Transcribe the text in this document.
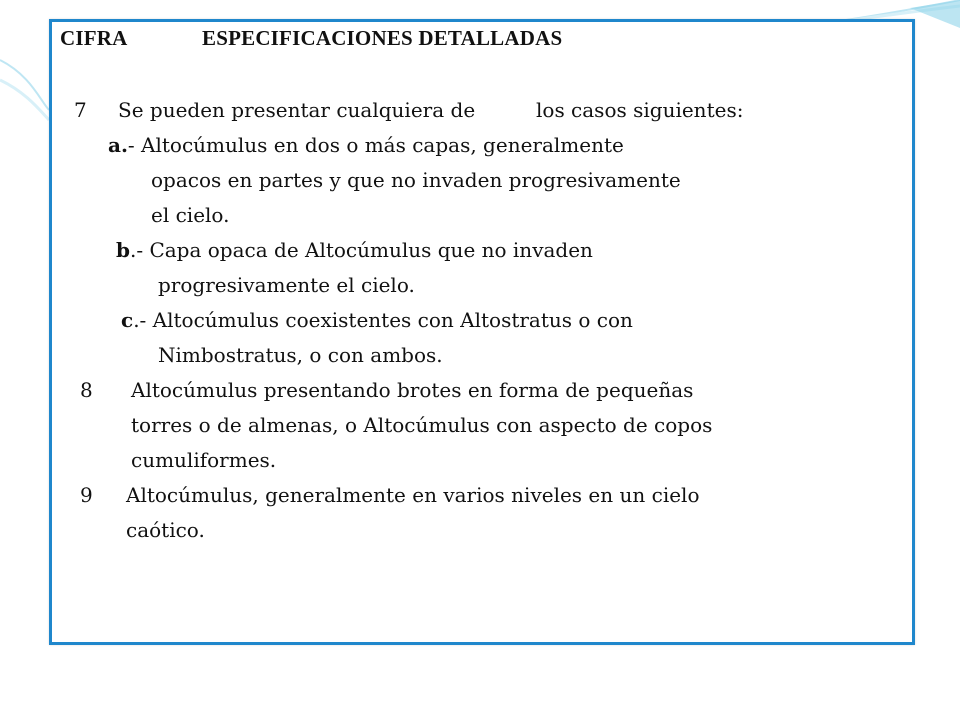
CIFRA	ESPECIFICACIONES DETALLADAS
7 Se pueden presentar cualquiera de	los casos siguientes:
a.- Altocúmulus en dos o más capas, generalmente
opacos en partes y que no invaden progresivamente
el cielo.
b.- Capa opaca de Altocúmulus que no invaden
progresivamente el cielo.
c.- Altocúmulus coexistentes con Altostratus o con
Nimbostratus, o con ambos.
8 Altocúmulus presentando brotes en forma de pequeñas
torres o de almenas, o Altocúmulus con aspecto de copos
cumuliformes.
9 Altocúmulus, generalmente en varios niveles en un cielo
caótico.
